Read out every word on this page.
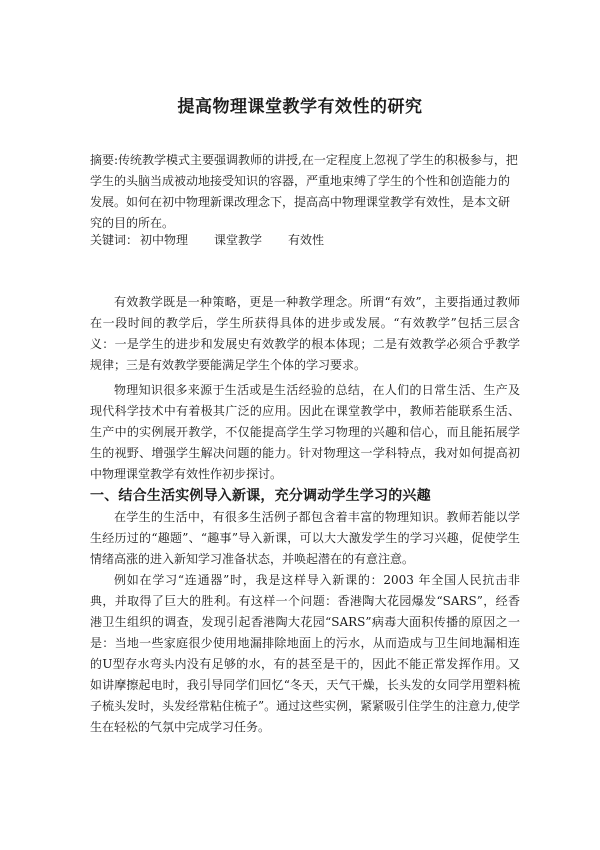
提高物理课堂教学有效性的研究

摘要:传统教学模式主要强调教师的讲授,在一定程度上忽视了学生的积极参与，把学生的头脑当成被动地接受知识的容器，严重地束缚了学生的个性和创造能力的发展。如何在初中物理新课改理念下，提高高中物理课堂教学有效性，是本文研究的目的所在。

关键词： 初中物理 课堂教学 有效性

有效教学既是一种策略，更是一种教学理念。所谓“有效”，主要指通过教师在一段时间的教学后，学生所获得具体的进步或发展。“有效教学”包括三层含义：一是学生的进步和发展史有效教学的根本体现；二是有效教学必须合乎教学规律；三是有效教学要能满足学生个体的学习要求。

物理知识很多来源于生活或是生活经验的总结，在人们的日常生活、生产及现代科学技术中有着极其广泛的应用。因此在课堂教学中，教师若能联系生活、生产中的实例展开教学，不仅能提高学生学习物理的兴趣和信心，而且能拓展学生的视野、增强学生解决问题的能力。针对物理这一学科特点，我对如何提高初中物理课堂教学有效性作初步探讨。

一、结合生活实例导入新课，充分调动学生学习的兴趣

在学生的生活中，有很多生活例子都包含着丰富的物理知识。教师若能以学生经历过的“趣题”、“趣事”导入新课，可以大大激发学生的学习兴趣，促使学生情绪高涨的进入新知学习准备状态，并唤起潜在的有意注意。

例如在学习“连通器”时，我是这样导入新课的：2003 年全国人民抗击非典，并取得了巨大的胜利。有这样一个问题：香港陶大花园爆发“SARS”，经香港卫生组织的调查，发现引起香港陶大花园“SARS”病毒大面积传播的原因之一是：当地一些家庭很少使用地漏排除地面上的污水，从而造成与卫生间地漏相连的U型存水弯头内没有足够的水，有的甚至是干的，因此不能正常发挥作用。又如讲摩擦起电时，我引导同学们回忆“冬天，天气干燥，长头发的女同学用塑料梳子梳头发时，头发经常粘住梳子”。通过这些实例，紧紧吸引住学生的注意力,使学生在轻松的气氛中完成学习任务。
